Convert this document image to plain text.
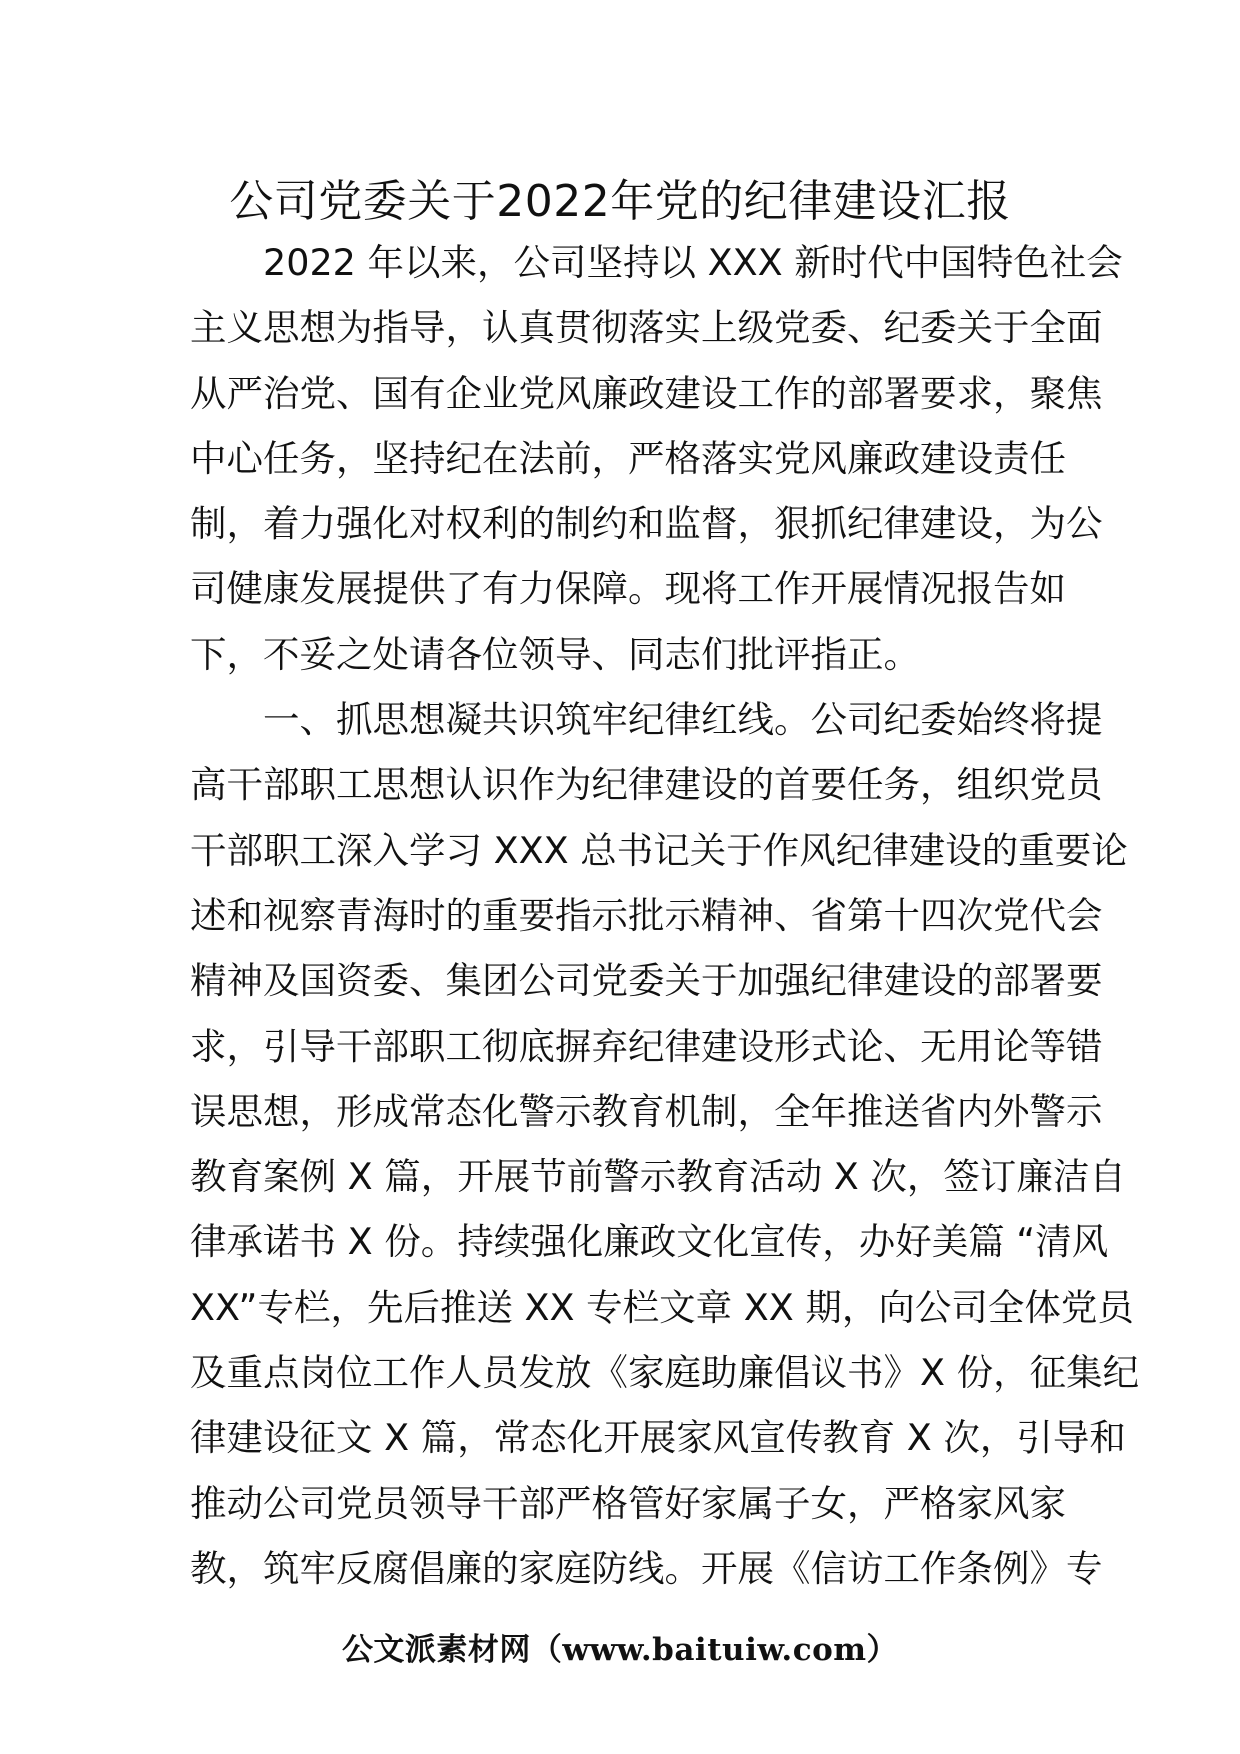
公司党委关于2022年党的纪律建设汇报
2022 年以来，公司坚持以 XXX 新时代中国特色社会
主义思想为指导，认真贯彻落实上级党委、纪委关于全面
从严治党、国有企业党风廉政建设工作的部署要求，聚焦
中心任务，坚持纪在法前，严格落实党风廉政建设责任
制，着力强化对权利的制约和监督，狠抓纪律建设，为公
司健康发展提供了有力保障。现将工作开展情况报告如
下，不妥之处请各位领导、同志们批评指正。
一、抓思想凝共识筑牢纪律红线。公司纪委始终将提
高干部职工思想认识作为纪律建设的首要任务，组织党员
干部职工深入学习 XXX 总书记关于作风纪律建设的重要论
述和视察青海时的重要指示批示精神、省第十四次党代会
精神及国资委、集团公司党委关于加强纪律建设的部署要
求，引导干部职工彻底摒弃纪律建设形式论、无用论等错
误思想，形成常态化警示教育机制，全年推送省内外警示
教育案例 X 篇，开展节前警示教育活动 X 次，签订廉洁自
律承诺书 X 份。持续强化廉政文化宣传，办好美篇 “清风
XX”专栏，先后推送 XX 专栏文章 XX 期，向公司全体党员
及重点岗位工作人员发放《家庭助廉倡议书》X 份，征集纪
律建设征文 X 篇，常态化开展家风宣传教育 X 次，引导和
推动公司党员领导干部严格管好家属子女，严格家风家
教，筑牢反腐倡廉的家庭防线。开展《信访工作条例》专
公文派素材网（www.baituiw.com）
